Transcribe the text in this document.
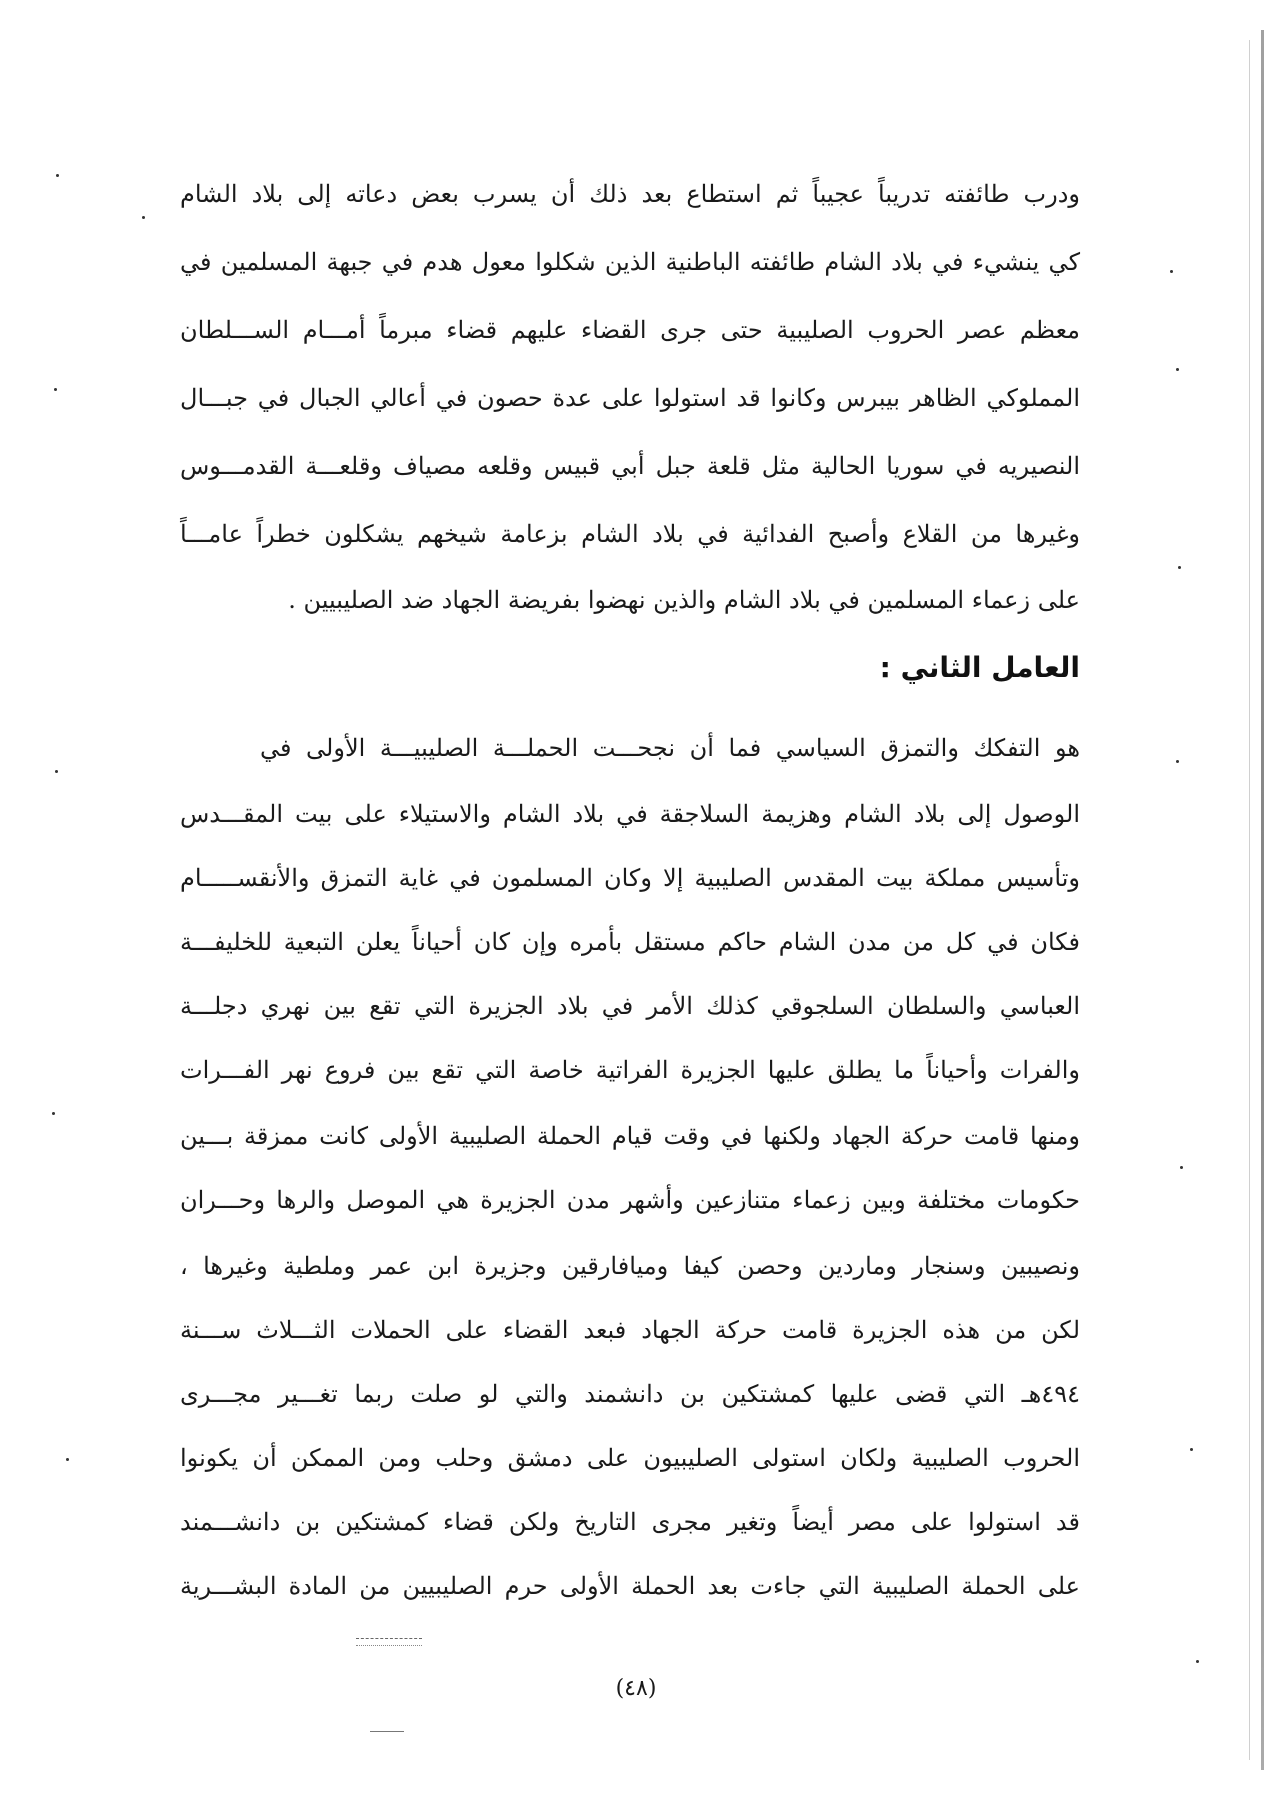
ودرب طائفته تدريباً عجيباً ثم استطاع بعد ذلك أن يسرب بعض دعاته إلى بلاد الشام
كي ينشيء في بلاد الشام طائفته الباطنية الذين شكلوا معول هدم في جبهة المسلمين في
معظم عصر الحروب الصليبية حتى جرى القضاء عليهم قضاء مبرماً أمـــام الســـلطان
المملوكي الظاهر بيبرس وكانوا قد استولوا على عدة حصون في أعالي الجبال في جبـــال
النصيريه في سوريا الحالية مثل قلعة جبل أبي قبيس وقلعه مصياف وقلعـــة القدمـــوس
وغيرها من القلاع وأصبح الفدائية في بلاد الشام بزعامة شيخهم يشكلون خطراً عامـــاً
على زعماء المسلمين في بلاد الشام والذين نهضوا بفريضة الجهاد ضد الصليبيين .
العامل الثاني :
هو التفكك والتمزق السياسي فما أن نجحـــت الحملـــة الصليبيـــة الأولى في
الوصول إلى بلاد الشام وهزيمة السلاجقة في بلاد الشام والاستيلاء على بيت المقـــدس
وتأسيس مملكة بيت المقدس الصليبية إلا وكان المسلمون في غاية التمزق والأنقســـــام
فكان في كل من مدن الشام حاكم مستقل بأمره وإن كان أحياناً يعلن التبعية للخليفـــة
العباسي والسلطان السلجوقي كذلك الأمر في بلاد الجزيرة التي تقع بين نهري دجلـــة
والفرات وأحياناً ما يطلق عليها الجزيرة الفراتية خاصة التي تقع بين فروع نهر الفـــرات
ومنها قامت حركة الجهاد ولكنها في وقت قيام الحملة الصليبية الأولى كانت ممزقة بـــين
حكومات مختلفة وبين زعماء متنازعين وأشهر مدن الجزيرة هي الموصل والرها وحـــران
ونصيبين وسنجار وماردين وحصن كيفا وميافارقين وجزيرة ابن عمر وملطية وغيرها ،
لكن من هذه الجزيرة قامت حركة الجهاد فبعد القضاء على الحملات الثـــلاث ســـنة
٤٩٤هـ التي قضى عليها كمشتكين بن دانشمند والتي لو صلت ربما تغـــير مجـــرى
الحروب الصليبية ولكان استولى الصليبيون على دمشق وحلب ومن الممكن أن يكونوا
قد استولوا على مصر أيضاً وتغير مجرى التاريخ ولكن قضاء كمشتكين بن دانشـــمند
على الحملة الصليبية التي جاءت بعد الحملة الأولى حرم الصليبيين من المادة البشـــرية
(٤٨)
